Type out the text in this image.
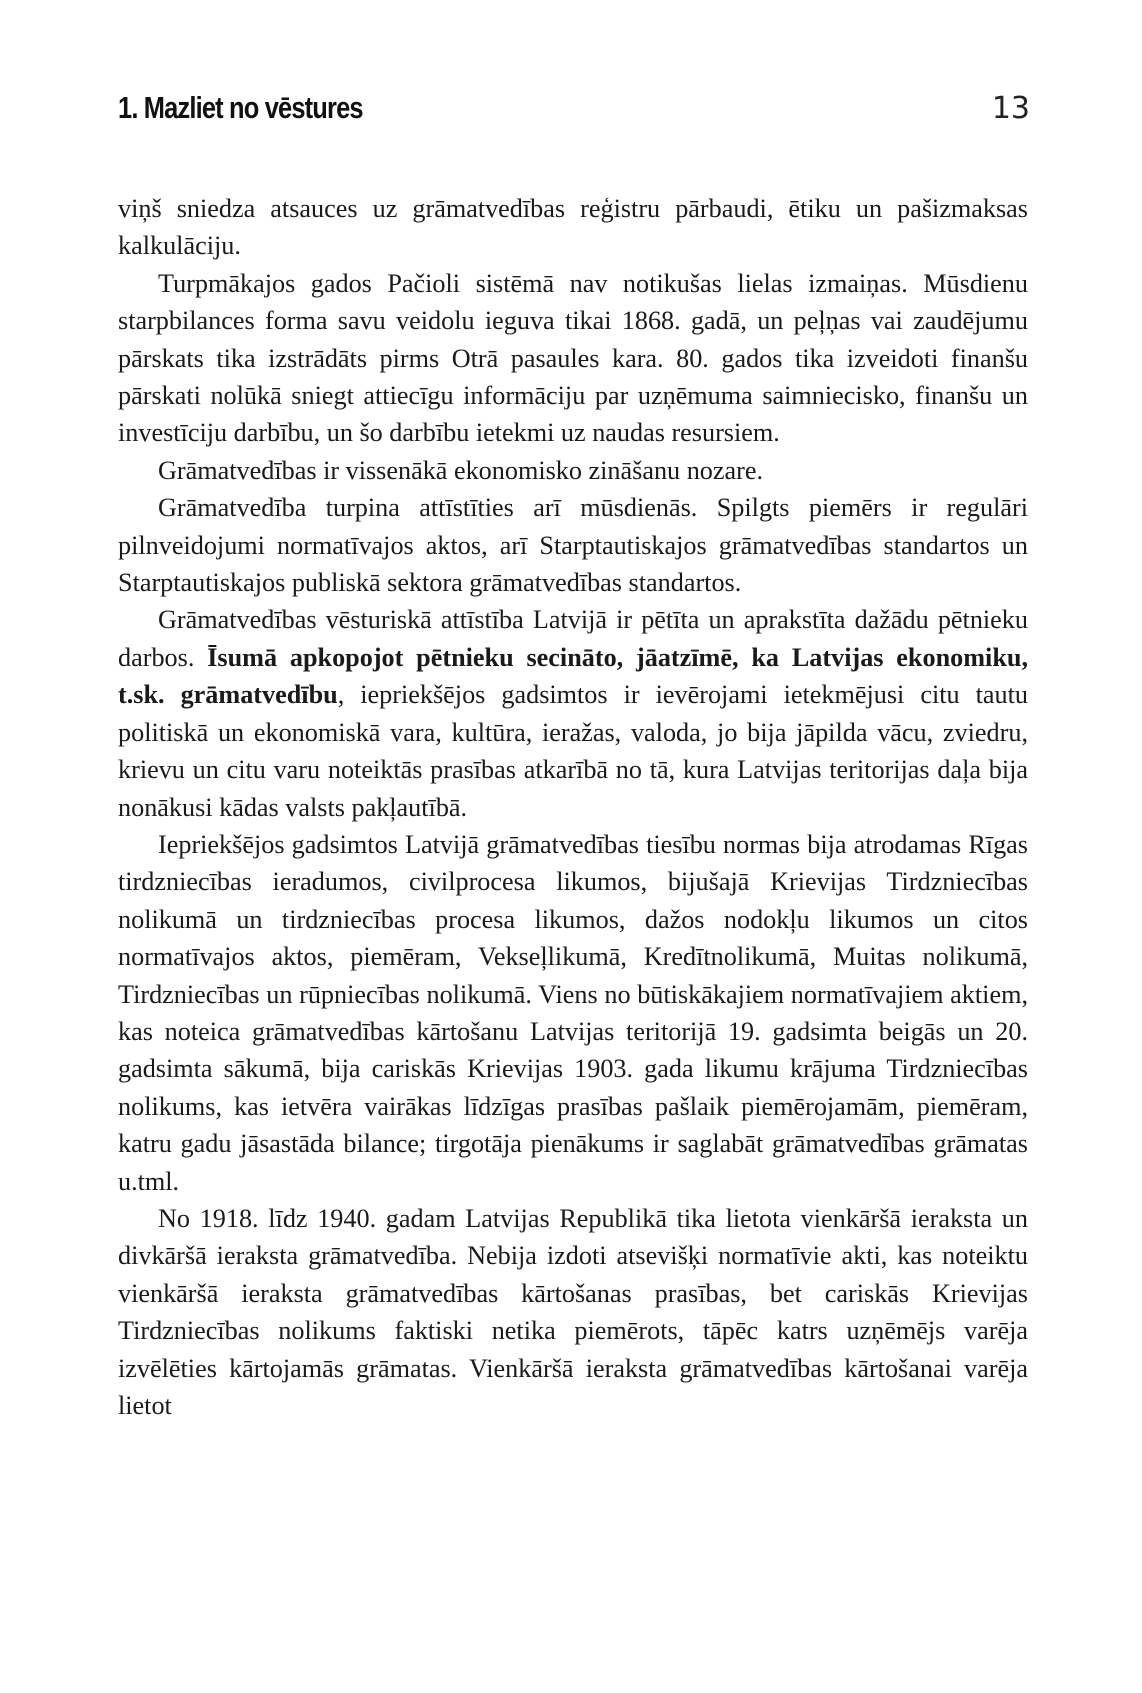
1. Mazliet no vēstures	13

viņš sniedza atsauces uz grāmatvedības reģistru pārbaudi, ētiku un pašizmaksas kalkulāciju.

Turpmākajos gados Pačioli sistēmā nav notikušas lielas izmaiņas. Mūsdienu starpbilances forma savu veidolu ieguva tikai 1868. gadā, un peļņas vai zaudējumu pārskats tika izstrādāts pirms Otrā pasaules kara. 80. gados tika izveidoti finanšu pārskati nolūkā sniegt attiecīgu informāciju par uzņēmuma saimniecisko, finanšu un investīciju darbību, un šo darbību ietekmi uz naudas resursiem.

Grāmatvedības ir vissenākā ekonomisko zināšanu nozare.

Grāmatvedība turpina attīstīties arī mūsdienās. Spilgts piemērs ir regulāri pilnveidojumi normatīvajos aktos, arī Starptautiskajos grāmatvedības standartos un Starptautiskajos publiskā sektora grāmatvedības standartos.

Grāmatvedības vēsturiskā attīstība Latvijā ir pētīta un aprakstīta dažādu pētnieku darbos. Īsumā apkopojot pētnieku secināto, jāatzīmē, ka Latvijas ekonomiku, t.sk. grāmatvedību, iepriekšējos gadsimtos ir ievērojami ietekmējusi citu tautu politiskā un ekonomiskā vara, kultūra, ieražas, valoda, jo bija jāpilda vācu, zviedru, krievu un citu varu noteiktās prasības atkarībā no tā, kura Latvijas teritorijas daļa bija nonākusi kādas valsts pakļautībā.

Iepriekšējos gadsimtos Latvijā grāmatvedības tiesību normas bija atrodamas Rīgas tirdzniecības ieradumos, civilprocesa likumos, bijušajā Krievijas Tirdzniecības nolikumā un tirdzniecības procesa likumos, dažos nodokļu likumos un citos normatīvajos aktos, piemēram, Vekseļlikumā, Kredītnolikumā, Muitas nolikumā, Tirdzniecības un rūpniecības nolikumā. Viens no būtiskākajiem normatīvajiem aktiem, kas noteica grāmatvedības kārtošanu Latvijas teritorijā 19. gadsimta beigās un 20. gadsimta sākumā, bija cariskās Krievijas 1903. gada likumu krājuma Tirdzniecības nolikums, kas ietvēra vairākas līdzīgas prasības pašlaik piemērojamām, piemēram, katru gadu jāsastāda bilance; tirgotāja pienākums ir saglabāt grāmatvedības grāmatas u.tml.

No 1918. līdz 1940. gadam Latvijas Republikā tika lietota vienkāršā ieraksta un divkāršā ieraksta grāmatvedība. Nebija izdoti atsevišķi normatīvie akti, kas noteiktu vienkāršā ieraksta grāmatvedības kārtošanas prasības, bet cariskās Krievijas Tirdzniecības nolikums faktiski netika piemērots, tāpēc katrs uzņēmējs varēja izvēlēties kārtojamās grāmatas. Vienkāršā ieraksta grāmatvedības kārtošanai varēja lietot
